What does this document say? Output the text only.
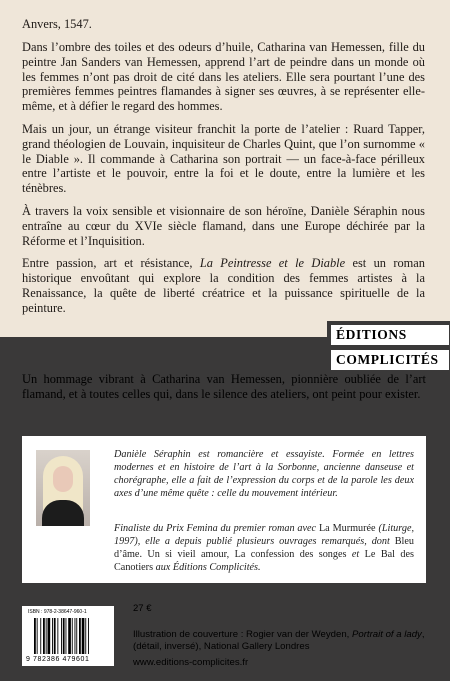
Anvers, 1547.

Dans l’ombre des toiles et des odeurs d’huile, Catharina van Hemessen, fille du peintre Jan Sanders van Hemessen, apprend l’art de peindre dans un monde où les femmes n’ont pas droit de cité dans les ateliers. Elle sera pourtant l’une des premières femmes peintres flamandes à signer ses œuvres, à se représenter elle-même, et à défier le regard des hommes.

Mais un jour, un étrange visiteur franchit la porte de l’atelier : Ruard Tapper, grand théologien de Louvain, inquisiteur de Charles Quint, que l’on surnomme « le Diable ». Il commande à Catharina son portrait — un face-à-face périlleux entre l’artiste et le pouvoir, entre la foi et le doute, entre la lumière et les ténèbres.

À travers la voix sensible et visionnaire de son héroïne, Danièle Séraphin nous entraîne au cœur du XVIe siècle flamand, dans une Europe déchirée par la Réforme et l’Inquisition.

Entre passion, art et résistance, La Peintresse et le Diable est un roman historique envoûtant qui explore la condition des femmes artistes à la Renaissance, la quête de liberté créatrice et la puissance spirituelle de la peinture.

ÉDITIONS
COMPLICITÉS

Un hommage vibrant à Catharina van Hemessen, pionnière oubliée de l’art flamand, et à toutes celles qui, dans le silence des ateliers, ont peint pour exister.

Danièle Séraphin est romancière et essayiste. Formée en lettres modernes et en histoire de l’art à la Sorbonne, ancienne danseuse et chorégraphe, elle a fait de l’expression du corps et de la parole les deux axes d’une même quête : celle du mouvement intérieur.

Finaliste du Prix Femina du premier roman avec La Murmurée (Liturge, 1997), elle a depuis publié plusieurs ouvrages remarqués, dont Bleu d’âme. Un si vieil amour, La confession des songes et Le Bal des Canotiers aux Éditions Complicités.

ISBN : 978-2-38647-960-1
9 782386 479601
27 €

Illustration de couverture : Rogier van der Weyden, Portrait of a lady, (détail, inversé), National Gallery Londres

www.editions-complicites.fr
